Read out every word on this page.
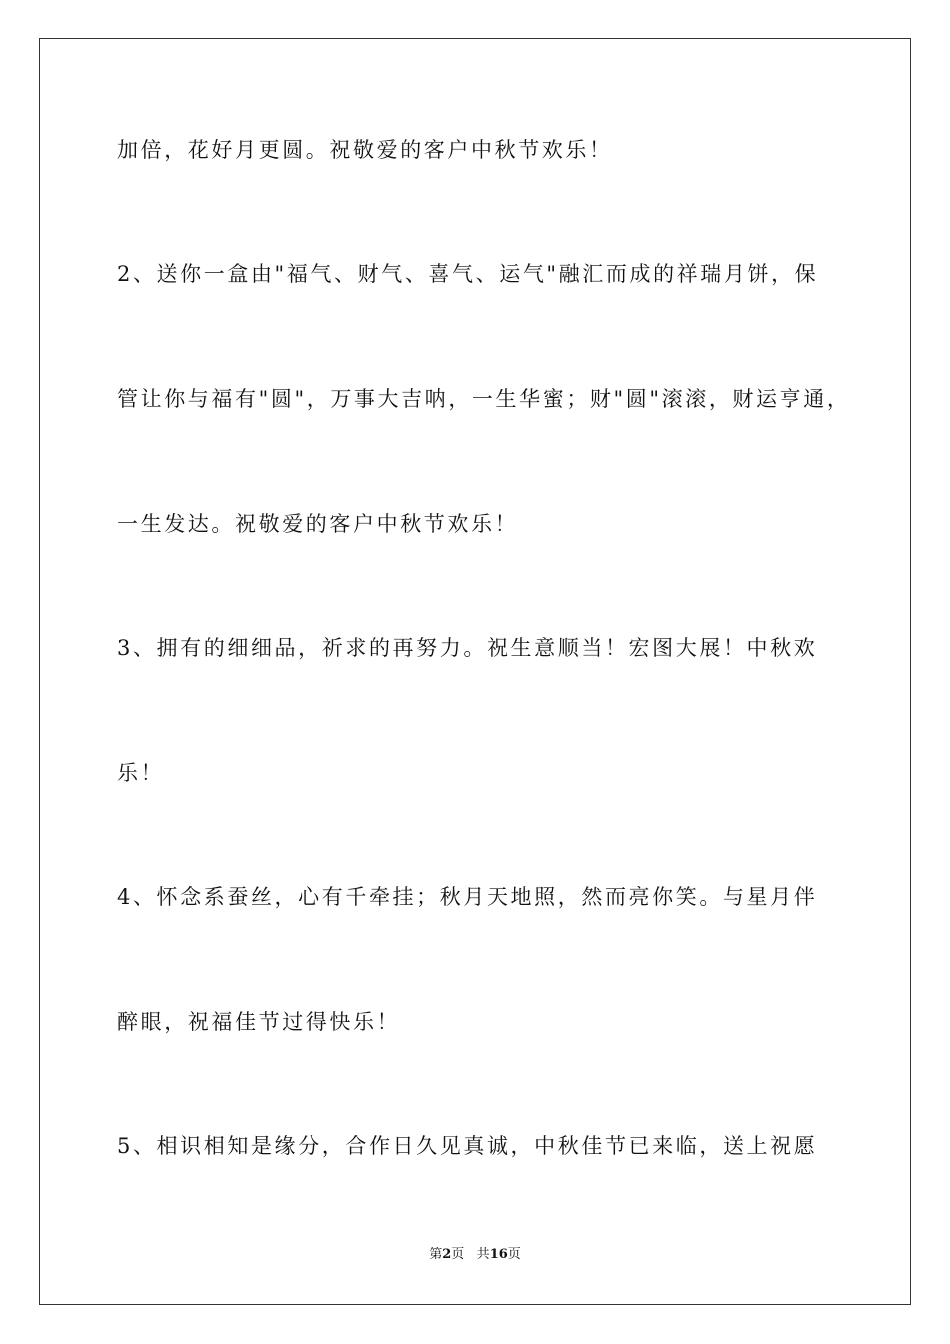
加倍，花好月更圆。祝敬爱的客户中秋节欢乐！
2、送你一盒由"福气、财气、喜气、运气"融汇而成的祥瑞月饼，保
管让你与福有"圆"，万事大吉呐，一生华蜜；财"圆"滚滚，财运亨通，
一生发达。祝敬爱的客户中秋节欢乐！
3、拥有的细细品，祈求的再努力。祝生意顺当！宏图大展！中秋欢
乐！
4、怀念系蚕丝，心有千牵挂；秋月天地照，然而亮你笑。与星月伴
醉眼，祝福佳节过得快乐！
5、相识相知是缘分，合作日久见真诚，中秋佳节已来临，送上祝愿
第2页 共16页
